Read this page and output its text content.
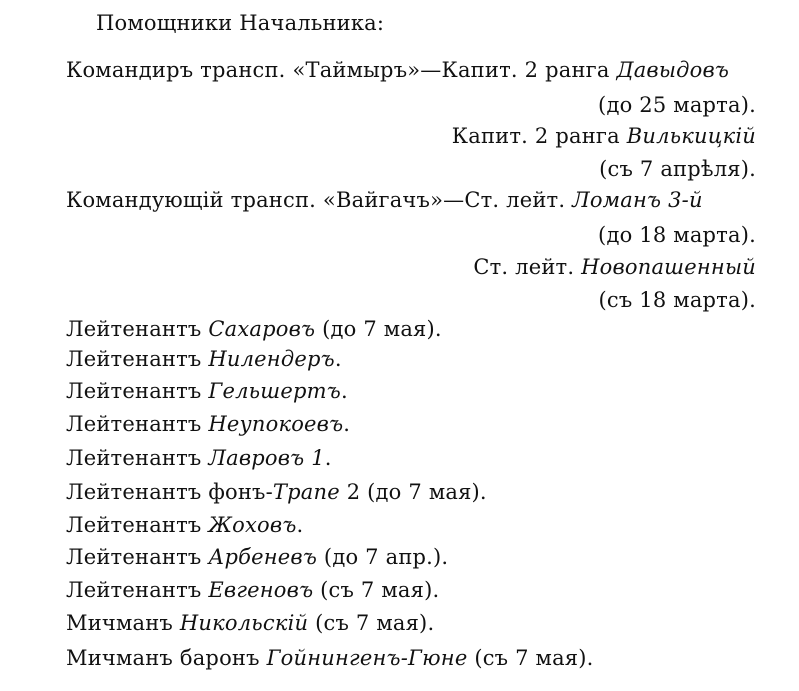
Помощники Начальника:
Командиръ трансп. «Таймыръ»—Капит. 2 ранга Давыдовъ
(до 25 марта).
Капит. 2 ранга Вилькицкій
(съ 7 апрѣля).
Командующій трансп. «Вайгачъ»—Ст. лейт. Ломанъ 3-й
(до 18 марта).
Ст. лейт. Новопашенный
(съ 18 марта).
Лейтенантъ Сахаровъ (до 7 мая).
Лейтенантъ Нилендеръ.
Лейтенантъ Гельшертъ.
Лейтенантъ Неупокоевъ.
Лейтенантъ Лавровъ 1.
Лейтенантъ фонъ-Траne 2 (до 7 мая).
Лейтенантъ Жоховъ.
Лейтенантъ Арбеневъ (до 7 апр.).
Лейтенантъ Евгеновъ (съ 7 мая).
Мичманъ Никольскій (съ 7 мая).
Мичманъ баронъ Гойнингенъ-Гюне (съ 7 мая).
